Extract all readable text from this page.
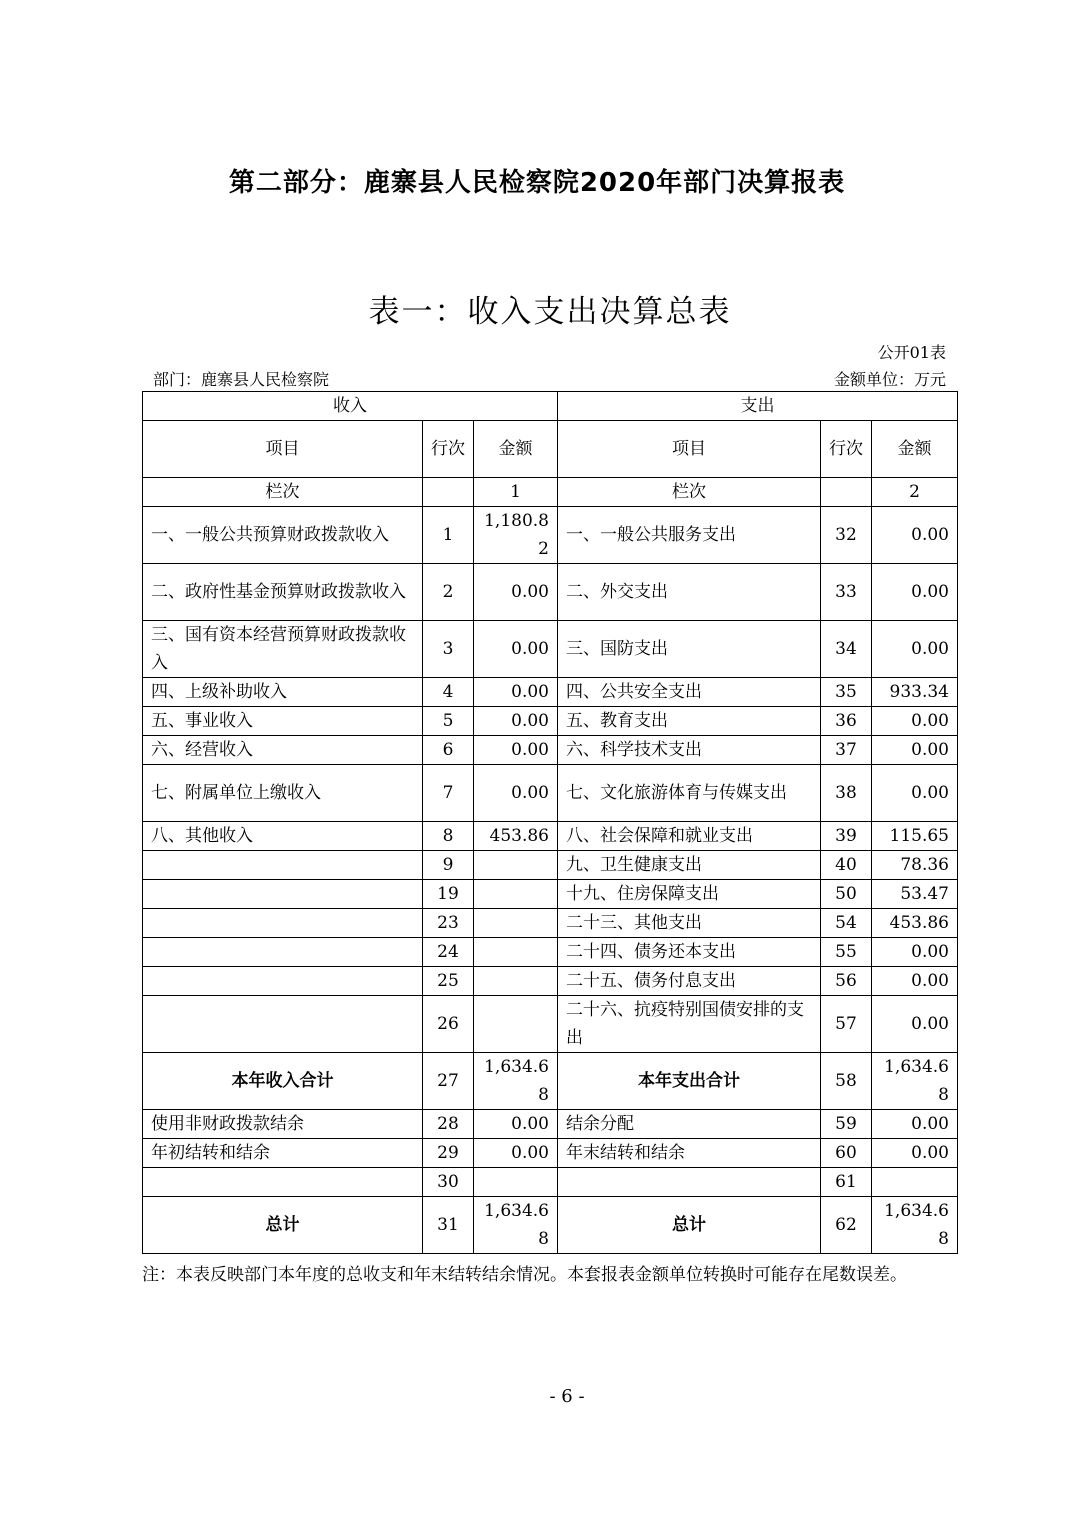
第二部分：鹿寨县人民检察院2020年部门决算报表
表一：收入支出决算总表
公开01表
部门：鹿寨县人民检察院	金额单位：万元
收入			支出		
项目	行次	金额	项目	行次	金额
栏次		1	栏次		2
一、一般公共预算财政拨款收入	1	1,180.82	一、一般公共服务支出	32	0.00
二、政府性基金预算财政拨款收入	2	0.00	二、外交支出	33	0.00
三、国有资本经营预算财政拨款收入	3	0.00	三、国防支出	34	0.00
四、上级补助收入	4	0.00	四、公共安全支出	35	933.34
五、事业收入	5	0.00	五、教育支出	36	0.00
六、经营收入	6	0.00	六、科学技术支出	37	0.00
七、附属单位上缴收入	7	0.00	七、文化旅游体育与传媒支出	38	0.00
八、其他收入	8	453.86	八、社会保障和就业支出	39	115.65
	9		九、卫生健康支出	40	78.36
	19		十九、住房保障支出	50	53.47
	23		二十三、其他支出	54	453.86
	24		二十四、债务还本支出	55	0.00
	25		二十五、债务付息支出	56	0.00
	26		二十六、抗疫特别国债安排的支出	57	0.00
本年收入合计	27	1,634.68	本年支出合计	58	1,634.68
使用非财政拨款结余	28	0.00	结余分配	59	0.00
年初结转和结余	29	0.00	年末结转和结余	60	0.00
	30			61	
总计	31	1,634.68	总计	62	1,634.68
注：本表反映部门本年度的总收支和年末结转结余情况。本套报表金额单位转换时可能存在尾数误差。
- 6 -
